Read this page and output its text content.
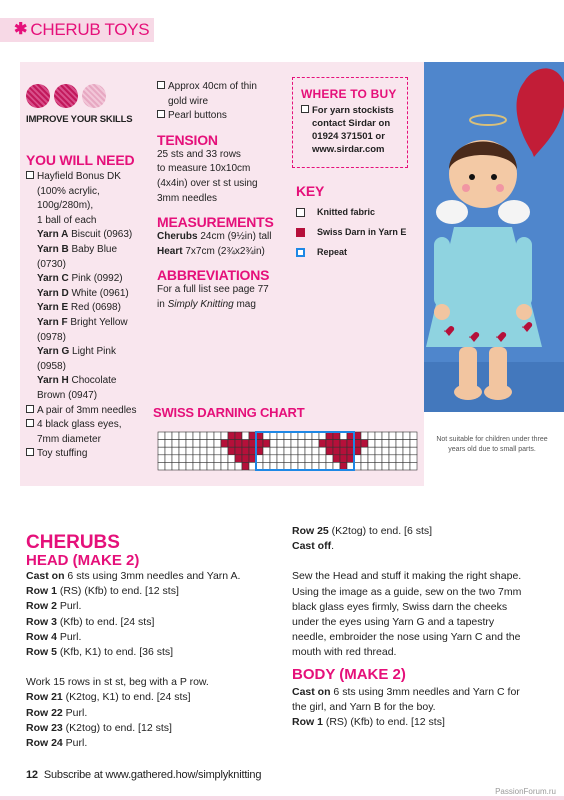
✱ CHERUB TOYS
IMPROVE YOUR SKILLS
YOU WILL NEED
Hayfield Bonus DK
(100% acrylic,
100g/280m),
1 ball of each
Yarn A Biscuit (0963)
Yarn B Baby Blue
(0730)
Yarn C Pink (0992)
Yarn D White (0961)
Yarn E Red (0698)
Yarn F Bright Yellow
(0978)
Yarn G Light Pink
(0958)
Yarn H Chocolate
Brown (0947)
A pair of 3mm needles
4 black glass eyes,
7mm diameter
Toy stuffing
Approx 40cm of thin
gold wire
Pearl buttons
TENSION
25 sts and 33 rows
to measure 10x10cm
(4x4in) over st st using
3mm needles
MEASUREMENTS
Cherubs 24cm (9½in) tall
Heart 7x7cm (2¾x2¾in)
ABBREVIATIONS
For a full list see page 77
in Simply Knitting mag
WHERE TO BUY
For yarn stockists
contact Sirdar on
01924 371501 or
www.sirdar.com
KEY
Knitted fabric
Swiss Darn in Yarn E
Repeat
SWISS DARNING CHART
Not suitable for children under three years old due to small parts.
CHERUBS
HEAD (MAKE 2)
Cast on 6 sts using 3mm needles and Yarn A.
Row 1 (RS) (Kfb) to end. [12 sts]
Row 2 Purl.
Row 3 (Kfb) to end. [24 sts]
Row 4 Purl.
Row 5 (Kfb, K1) to end. [36 sts]
Work 15 rows in st st, beg with a P row.
Row 21 (K2tog, K1) to end. [24 sts]
Row 22 Purl.
Row 23 (K2tog) to end. [12 sts]
Row 24 Purl.
Row 25 (K2tog) to end. [6 sts]
Cast off.
Sew the Head and stuff it making the right shape.
Using the image as a guide, sew on the two 7mm
black glass eyes firmly, Swiss darn the cheeks
under the eyes using Yarn G and a tapestry
needle, embroider the nose using Yarn C and the
mouth with red thread.
BODY (MAKE 2)
Cast on 6 sts using 3mm needles and Yarn C for
the girl, and Yarn B for the boy.
Row 1 (RS) (Kfb) to end. [12 sts]
12 Subscribe at www.gathered.how/simplyknitting
PassionForum.ru
